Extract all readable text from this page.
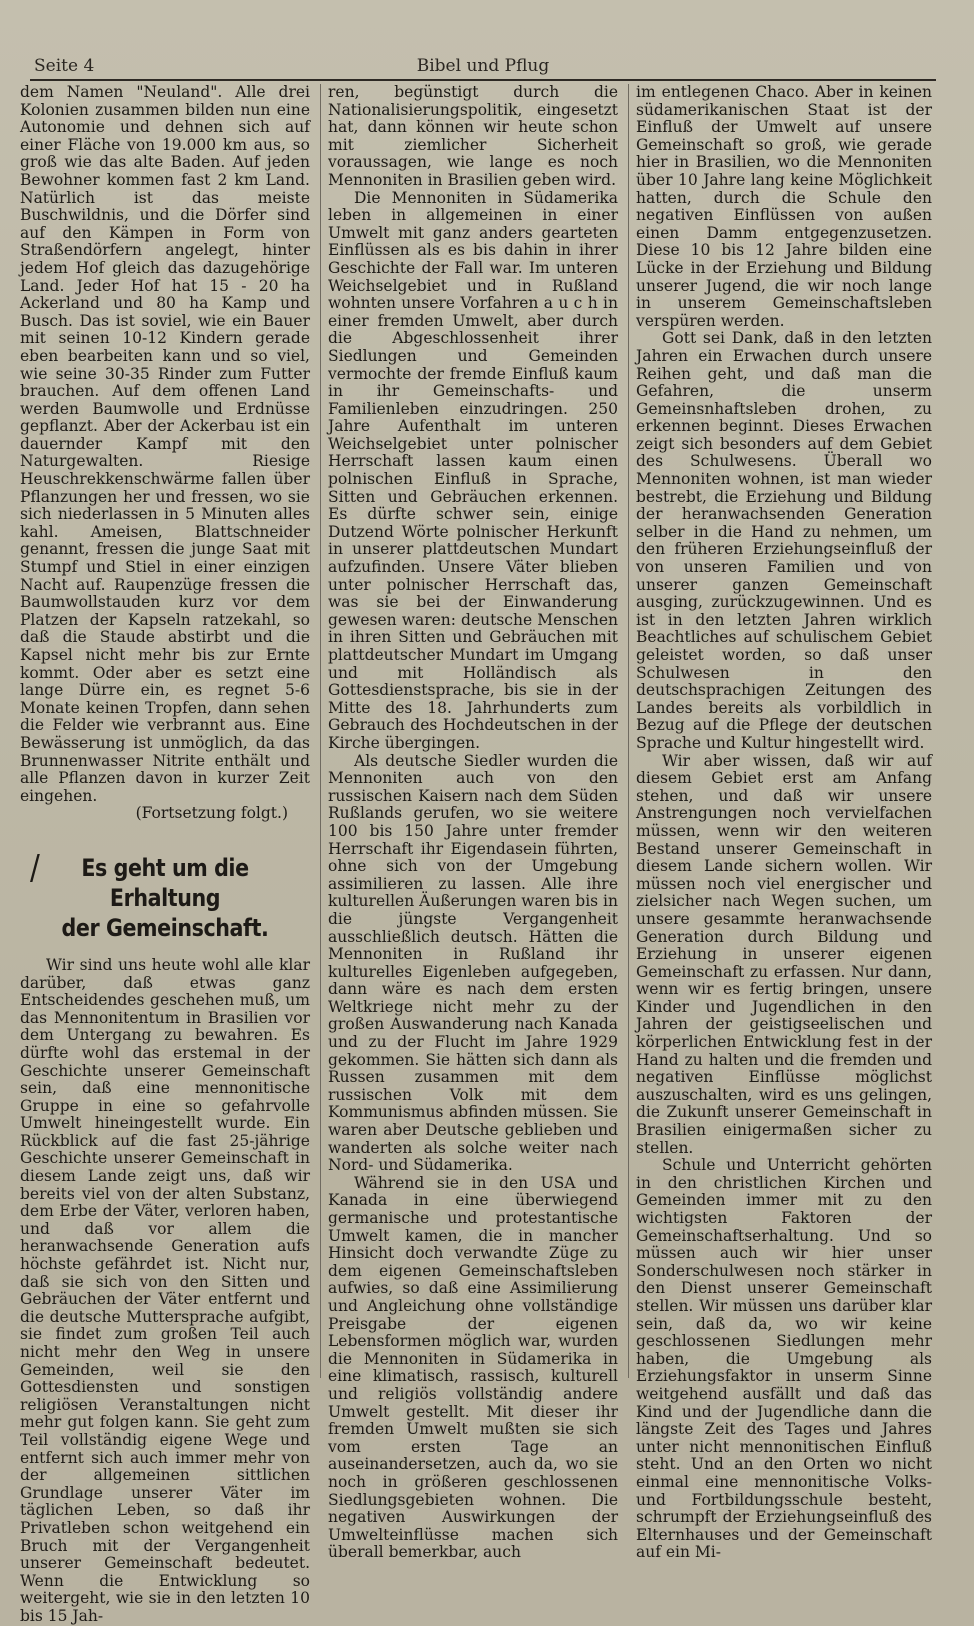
Seite 4	Bibel und Pflug

dem Namen "Neuland". Alle drei Kolonien zusammen bilden nun eine Autonomie und dehnen sich auf einer Fläche von 19.000 km aus, so groß wie das alte Baden. Auf jeden Bewohner kommen fast 2 km Land. Natürlich ist das meiste Buschwildnis, und die Dörfer sind auf den Kämpen in Form von Straßendörfern angelegt, hinter jedem Hof gleich das dazugehörige Land. Jeder Hof hat 15 - 20 ha Ackerland und 80 ha Kamp und Busch. Das ist soviel, wie ein Bauer mit seinen 10-12 Kindern gerade eben bearbeiten kann und so viel, wie seine 30-35 Rinder zum Futter brauchen. Auf dem offenen Land werden Baumwolle und Erdnüsse gepflanzt. Aber der Ackerbau ist ein dauernder Kampf mit den Naturgewalten. Riesige Heuschrekkenschwärme fallen über Pflanzungen her und fressen, wo sie sich niederlassen in 5 Minuten alles kahl. Ameisen, Blattschneider genannt, fressen die junge Saat mit Stumpf und Stiel in einer einzigen Nacht auf. Raupenzüge fressen die Baumwollstauden kurz vor dem Platzen der Kapseln ratzekahl, so daß die Staude abstirbt und die Kapsel nicht mehr bis zur Ernte kommt. Oder aber es setzt eine lange Dürre ein, es regnet 5-6 Monate keinen Tropfen, dann sehen die Felder wie verbrannt aus. Eine Bewässerung ist unmöglich, da das Brunnenwasser Nitrite enthält und alle Pflanzen davon in kurzer Zeit eingehen.

(Fortsetzung folgt.)

/	Es geht um die Erhaltung
der Gemeinschaft.

Wir sind uns heute wohl alle klar darüber, daß etwas ganz Entscheidendes geschehen muß, um das Mennonitentum in Brasilien vor dem Untergang zu bewahren. Es dürfte wohl das erstemal in der Geschichte unserer Gemeinschaft sein, daß eine mennonitische Gruppe in eine so gefahrvolle Umwelt hineingestellt wurde. Ein Rückblick auf die fast 25-jährige Geschichte unserer Gemeinschaft in diesem Lande zeigt uns, daß wir bereits viel von der alten Substanz, dem Erbe der Väter, verloren haben, und daß vor allem die heranwachsende Generation aufs höchste gefährdet ist. Nicht nur, daß sie sich von den Sitten und Gebräuchen der Väter entfernt und die deutsche Muttersprache aufgibt, sie findet zum großen Teil auch nicht mehr den Weg in unsere Gemeinden, weil sie den Gottesdiensten und sonstigen religiösen Veranstaltungen nicht mehr gut folgen kann. Sie geht zum Teil vollständig eigene Wege und entfernt sich auch immer mehr von der allgemeinen sittlichen Grundlage unserer Väter im täglichen Leben, so daß ihr Privatleben schon weitgehend ein Bruch mit der Vergangenheit unserer Gemeinschaft bedeutet. Wenn die Entwicklung so weitergeht, wie sie in den letzten 10 bis 15 Jah-

ren, begünstigt durch die Nationalisierungspolitik, eingesetzt hat, dann können wir heute schon mit ziemlicher Sicherheit voraussagen, wie lange es noch Mennoniten in Brasilien geben wird.

Die Mennoniten in Südamerika leben in allgemeinen in einer Umwelt mit ganz anders gearteten Einflüssen als es bis dahin in ihrer Geschichte der Fall war. Im unteren Weichselgebiet und in Rußland wohnten unsere Vorfahren a u c h in einer fremden Umwelt, aber durch die Abgeschlossenheit ihrer Siedlungen und Gemeinden vermochte der fremde Einfluß kaum in ihr Gemeinschafts- und Familienleben einzudringen. 250 Jahre Aufenthalt im unteren Weichselgebiet unter polnischer Herrschaft lassen kaum einen polnischen Einfluß in Sprache, Sitten und Gebräuchen erkennen. Es dürfte schwer sein, einige Dutzend Wörte polnischer Herkunft in unserer plattdeutschen Mundart aufzufinden. Unsere Väter blieben unter polnischer Herrschaft das, was sie bei der Einwanderung gewesen waren: deutsche Menschen in ihren Sitten und Gebräuchen mit plattdeutscher Mundart im Umgang und mit Holländisch als Gottesdienstsprache, bis sie in der Mitte des 18. Jahrhunderts zum Gebrauch des Hochdeutschen in der Kirche übergingen.

Als deutsche Siedler wurden die Mennoniten auch von den russischen Kaisern nach dem Süden Rußlands gerufen, wo sie weitere 100 bis 150 Jahre unter fremder Herrschaft ihr Eigendasein führten, ohne sich von der Umgebung assimilieren zu lassen. Alle ihre kulturellen Äußerungen waren bis in die jüngste Vergangenheit ausschließlich deutsch. Hätten die Mennoniten in Rußland ihr kulturelles Eigenleben aufgegeben, dann wäre es nach dem ersten Weltkriege nicht mehr zu der großen Auswanderung nach Kanada und zu der Flucht im Jahre 1929 gekommen. Sie hätten sich dann als Russen zusammen mit dem russischen Volk mit dem Kommunismus abfinden müssen. Sie waren aber Deutsche geblieben und wanderten als solche weiter nach Nord- und Südamerika.

Während sie in den USA und Kanada in eine überwiegend germanische und protestantische Umwelt kamen, die in mancher Hinsicht doch verwandte Züge zu dem eigenen Gemeinschaftsleben aufwies, so daß eine Assimilierung und Angleichung ohne vollständige Preisgabe der eigenen Lebensformen möglich war, wurden die Mennoniten in Südamerika in eine klimatisch, rassisch, kulturell und religiös vollständig andere Umwelt gestellt. Mit dieser ihr fremden Umwelt mußten sie sich vom ersten Tage an auseinandersetzen, auch da, wo sie noch in größeren geschlossenen Siedlungsgebieten wohnen. Die negativen Auswirkungen der Umwelteinflüsse machen sich überall bemerkbar, auch

im entlegenen Chaco. Aber in keinen südamerikanischen Staat ist der Einfluß der Umwelt auf unsere Gemeinschaft so groß, wie gerade hier in Brasilien, wo die Mennoniten über 10 Jahre lang keine Möglichkeit hatten, durch die Schule den negativen Einflüssen von außen einen Damm entgegenzusetzen. Diese 10 bis 12 Jahre bilden eine Lücke in der Erziehung und Bildung unserer Jugend, die wir noch lange in unserem Gemeinschaftsleben verspüren werden.

Gott sei Dank, daß in den letzten Jahren ein Erwachen durch unsere Reihen geht, und daß man die Gefahren, die unserm Gemeinsnhaftsleben drohen, zu erkennen beginnt. Dieses Erwachen zeigt sich besonders auf dem Gebiet des Schulwesens. Überall wo Mennoniten wohnen, ist man wieder bestrebt, die Erziehung und Bildung der heranwachsenden Generation selber in die Hand zu nehmen, um den früheren Erziehungseinfluß der von unseren Familien und von unserer ganzen Gemeinschaft ausging, zurückzugewinnen. Und es ist in den letzten Jahren wirklich Beachtliches auf schulischem Gebiet geleistet worden, so daß unser Schulwesen in den deutschsprachigen Zeitungen des Landes bereits als vorbildlich in Bezug auf die Pflege der deutschen Sprache und Kultur hingestellt wird.

Wir aber wissen, daß wir auf diesem Gebiet erst am Anfang stehen, und daß wir unsere Anstrengungen noch vervielfachen müssen, wenn wir den weiteren Bestand unserer Gemeinschaft in diesem Lande sichern wollen. Wir müssen noch viel energischer und zielsicher nach Wegen suchen, um unsere gesammte heranwachsende Generation durch Bildung und Erziehung in unserer eigenen Gemeinschaft zu erfassen. Nur dann, wenn wir es fertig bringen, unsere Kinder und Jugendlichen in den Jahren der geistigseelischen und körperlichen Entwicklung fest in der Hand zu halten und die fremden und negativen Einflüsse möglichst auszuschalten, wird es uns gelingen, die Zukunft unserer Gemeinschaft in Brasilien einigermaßen sicher zu stellen.

Schule und Unterricht gehörten in den christlichen Kirchen und Gemeinden immer mit zu den wichtigsten Faktoren der Gemeinschaftserhaltung. Und so müssen auch wir hier unser Sonderschulwesen noch stärker in den Dienst unserer Gemeinschaft stellen. Wir müssen uns darüber klar sein, daß da, wo wir keine geschlossenen Siedlungen mehr haben, die Umgebung als Erziehungsfaktor in unserm Sinne weitgehend ausfällt und daß das Kind und der Jugendliche dann die längste Zeit des Tages und Jahres unter nicht mennonitischen Einfluß steht. Und an den Orten wo nicht einmal eine mennonitische Volks- und Fortbildungsschule besteht, schrumpft der Erziehungseinfluß des Elternhauses und der Gemeinschaft auf ein Mi-
